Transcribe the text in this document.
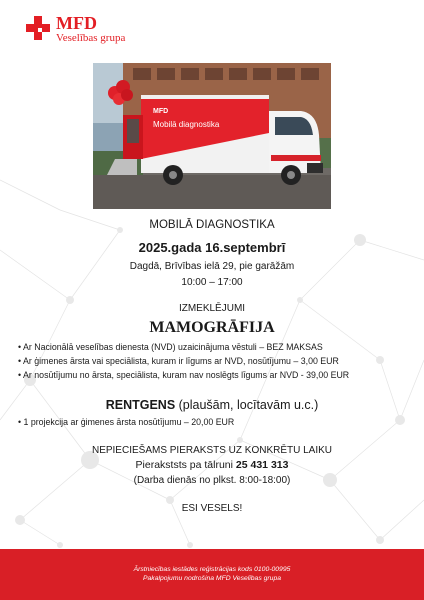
MFD
Veselības grupa
MFD
Mobilā diagnostika
MOBILĀ DIAGNOSTIKA
2025.gada 16.septembrī
Dagdā, Brīvības ielā 29, pie garāžām
10:00 – 17:00
IZMEKLĒJUMI
MAMOGRĀFIJA
• Ar Nacionālā veselības dienesta (NVD) uzaicinājuma vēstuli – BEZ MAKSAS
• Ar ģimenes ārsta vai speciālista, kuram ir līgums ar NVD, nosūtījumu – 3,00 EUR
• Ar nosūtījumu no ārsta, speciālista, kuram nav noslēgts līgums ar NVD - 39,00 EUR
RENTGENS (plaušām, locītavām u.c.)
• 1 projekcija ar ģimenes ārsta nosūtījumu – 20,00 EUR
NEPIECIEŠAMS PIERAKSTS UZ KONKRĒTU LAIKU
Pierakststs pa tālruni 25 431 313
(Darba dienās no plkst. 8:00-18:00)
ESI VESELS!
Ārstniecības iestādes reģistrācijas kods 0100-00995
Pakalpojumu nodrošina MFD Veselības grupa
